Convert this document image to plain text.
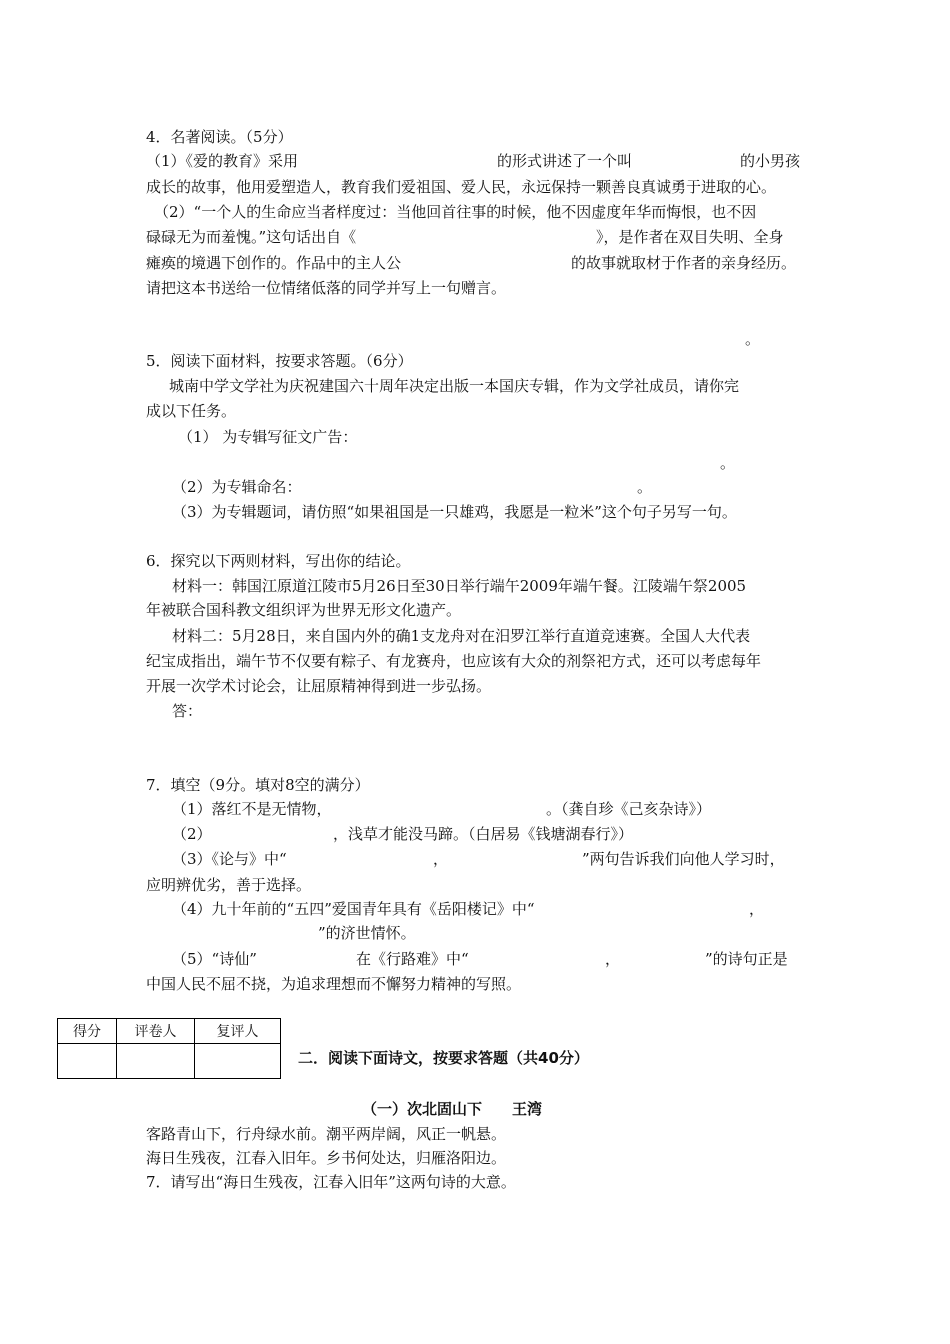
4．名著阅读。（5分）
（1）《爱的教育》采用	的形式讲述了一个叫	的小男孩
成长的故事，他用爱塑造人，教育我们爱祖国、爱人民，永远保持一颗善良真诚勇于进取的心。
（2）“一个人的生命应当者样度过：当他回首往事的时候，他不因虚度年华而悔恨，也不因
碌碌无为而羞愧。”这句话出自《	》，是作者在双目失明、全身
瘫痪的境遇下创作的。作品中的主人公	的故事就取材于作者的亲身经历。
请把这本书送给一位情绪低落的同学并写上一句赠言。
。
5．阅读下面材料，按要求答题。（6分）
城南中学文学社为庆祝建国六十周年决定出版一本国庆专辑，作为文学社成员，请你完
成以下任务。
（1） 为专辑写征文广告：
。
（2）为专辑命名：	。
（3）为专辑题词，请仿照“如果祖国是一只雄鸡，我愿是一粒米”这个句子另写一句。
6．探究以下两则材料，写出你的结论。
材料一：韩国江原道江陵市5月26日至30日举行端午2009年端午餐。江陵端午祭2005
年被联合国科教文组织评为世界无形文化遗产。
材料二：5月28日，来自国内外的确1支龙舟对在汨罗江举行直道竞速赛。全国人大代表
纪宝成指出，端午节不仅要有粽子、有龙赛舟，也应该有大众的剂祭祀方式，还可以考虑每年
开展一次学术讨论会，让屈原精神得到进一步弘扬。
答：
7．填空（9分。填对8空的满分）
（1）落红不是无情物，	。（龚自珍《己亥杂诗》）
（2）	，浅草才能没马蹄。（白居易《钱塘湖春行》）
（3）《论与》中“	，	”两句告诉我们向他人学习时，
应明辨优劣，善于选择。
（4）九十年前的“五四”爱国青年具有《岳阳楼记》中“	，
”的济世情怀。
（5）“诗仙”	在《行路难》中“	，	”的诗句正是
中国人民不屈不挠，为追求理想而不懈努力精神的写照。
得分	评卷人	复评人

二．阅读下面诗文，按要求答题（共40分）
（一）次北固山下 王湾
客路青山下，行舟绿水前。潮平两岸阔，风正一帆悬。
海日生残夜，江春入旧年。乡书何处达，归雁洛阳边。
7．请写出“海日生残夜，江春入旧年”这两句诗的大意。
